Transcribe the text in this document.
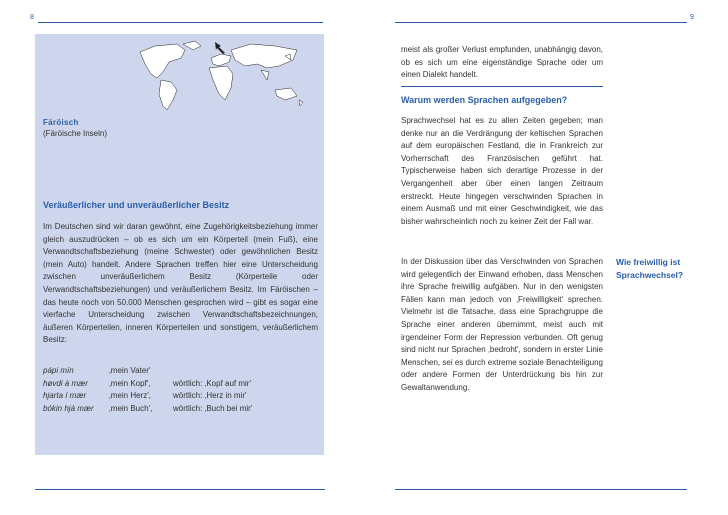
8
Färöisch
(Färöische Inseln)
Veräußerlicher und unveräußerlicher Besitz

Im Deutschen sind wir daran gewöhnt, eine Zugehörigkeitsbeziehung immer gleich auszudrücken – ob es sich um ein Körperteil (mein Fuß), eine Verwandtschaftsbeziehung (meine Schwester) oder gewöhnlichen Besitz (mein Auto) handelt. Andere Sprachen treffen hier eine Unterscheidung zwischen unveräußerlichem Besitz (Körperteile oder Verwandtschaftsbeziehungen) und veräußerlichem Besitz. Im Färöischen – das heute noch von 50.000 Menschen gesprochen wird – gibt es sogar eine vierfache Unterscheidung zwischen Verwandtschaftsbezeichnungen, äußeren Körperteilen, inneren Körperteilen und sonstigem, veräußerlichem Besitz:

pápi mín	‚mein Vater'
høvdi á mær	‚mein Kopf',	wörtlich: ‚Kopf auf mir'
hjarta í mær	‚mein Herz',	wörtlich: ‚Herz in mir'
bókin hjá mær	‚mein Buch',	wörtlich: ‚Buch bei mir'
9

meist als großer Verlust empfunden, unabhängig davon, ob es sich um eine eigenständige Sprache oder um einen Dialekt handelt.

Warum werden Sprachen aufgegeben?

Sprachwechsel hat es zu allen Zeiten gegeben; man denke nur an die Verdrängung der keltischen Sprachen auf dem europäischen Festland, die in Frankreich zur Vorherrschaft des Französischen geführt hat. Typischerweise haben sich derartige Prozesse in der Vergangenheit aber über einen langen Zeitraum erstreckt. Heute hingegen verschwinden Sprachen in einem Ausmaß und mit einer Geschwindigkeit, wie das bisher wahrscheinlich noch zu keiner Zeit der Fall war.

In der Diskussion über das Verschwinden von Sprachen wird gelegentlich der Einwand erhoben, dass Menschen ihre Sprache freiwillig aufgäben. Nur in den wenigsten Fällen kann man jedoch von ‚Freiwilligkeit' sprechen. Vielmehr ist die Tatsache, dass eine Sprachgruppe die Sprache einer anderen übernimmt, meist auch mit irgendeiner Form der Repression verbunden. Oft genug sind nicht nur Sprachen ‚bedroht', sondern in erster Linie Menschen, sei es durch extreme soziale Benachteiligung oder andere Formen der Unterdrückung bis hin zur Gewaltanwendung.

Wie freiwillig ist Sprachwechsel?
